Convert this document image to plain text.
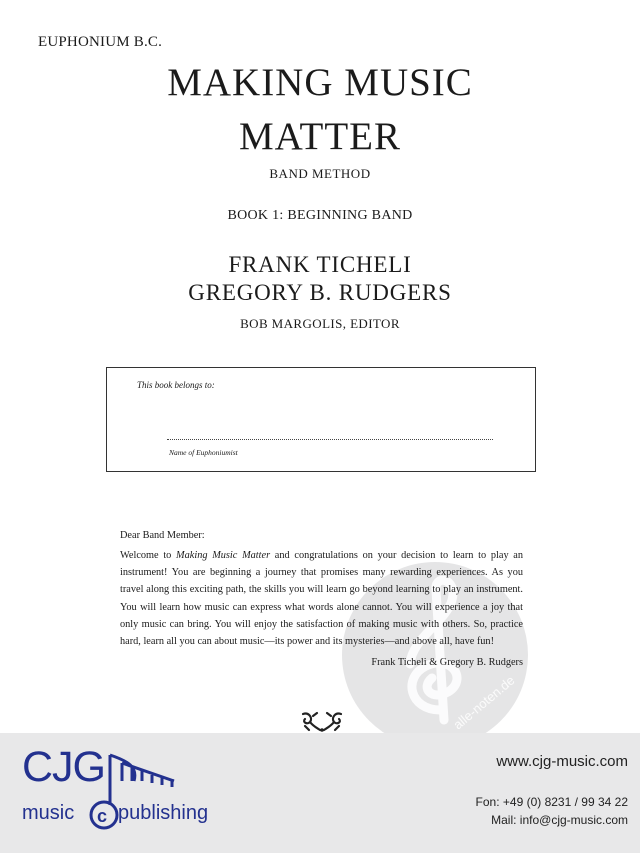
EUPHONIUM B.C.
MAKING MUSIC
MATTER
BAND METHOD
BOOK 1: BEGINNING BAND
FRANK TICHELI
GREGORY B. RUDGERS
BOB MARGOLIS, EDITOR
This book belongs to:
Name of Euphoniumist
alle-noten.de
Dear Band Member:
Welcome to Making Music Matter and congratulations on your decision to learn to play an instrument! You are beginning a journey that promises many rewarding experiences. As you travel along this exciting path, the skills you will learn go beyond learning to play an instrument. You will learn how music can express what words alone cannot. You will experience a joy that only music can bring. You will enjoy the satisfaction of making music with others. So, practice hard, learn all you can about music—its power and its mysteries—and above all, have fun!
Frank Ticheli & Gregory B. Rudgers
c
CJG
music publishing
www.cjg-music.com
Fon: +49 (0) 8231 / 99 34 22
Mail: info@cjg-music.com
